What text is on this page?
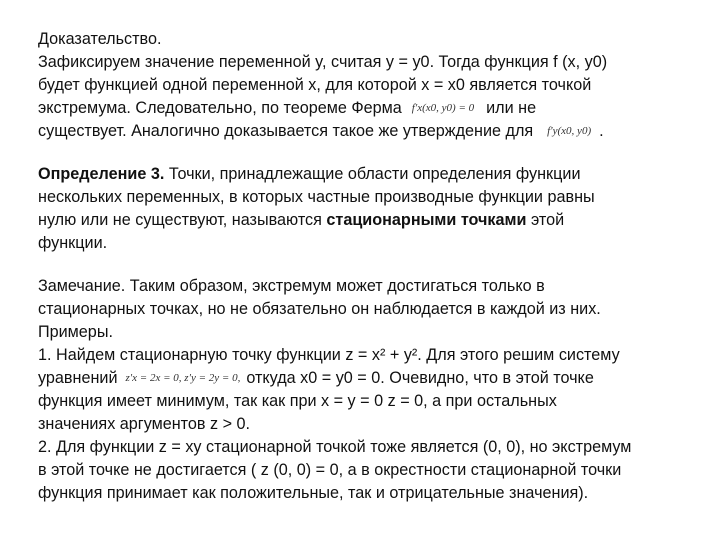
Доказательство.

Зафиксируем значение переменной y, считая y = y0. Тогда функция f (x, y0)

будет функцией одной переменной x, для которой x = x0 является точкой

экстремума. Следовательно, по теореме Ферма f′x(x0, y0) = 0 или не

существует. Аналогично доказывается такое же утверждение для f′y(x0, y0) .

Определение 3. Точки, принадлежащие области определения функции

нескольких переменных, в которых частные производные функции равны

нулю или не существуют, называются стационарными точками этой

функции.

Замечание. Таким образом, экстремум может достигаться только в

стационарных точках, но не обязательно он наблюдается в каждой из них.

Примеры.

1. Найдем стационарную точку функции z = x² + y². Для этого решим систему

уравнений z′x = 2x = 0, z′y = 2y = 0, откуда x0 = y0 = 0. Очевидно, что в этой точке

функция имеет минимум, так как при x = y = 0 z = 0, а при остальных

значениях аргументов z > 0.

2. Для функции z = xy стационарной точкой тоже является (0, 0), но экстремум

в этой точке не достигается ( z (0, 0) = 0, а в окрестности стационарной точки

функция принимает как положительные, так и отрицательные значения).
